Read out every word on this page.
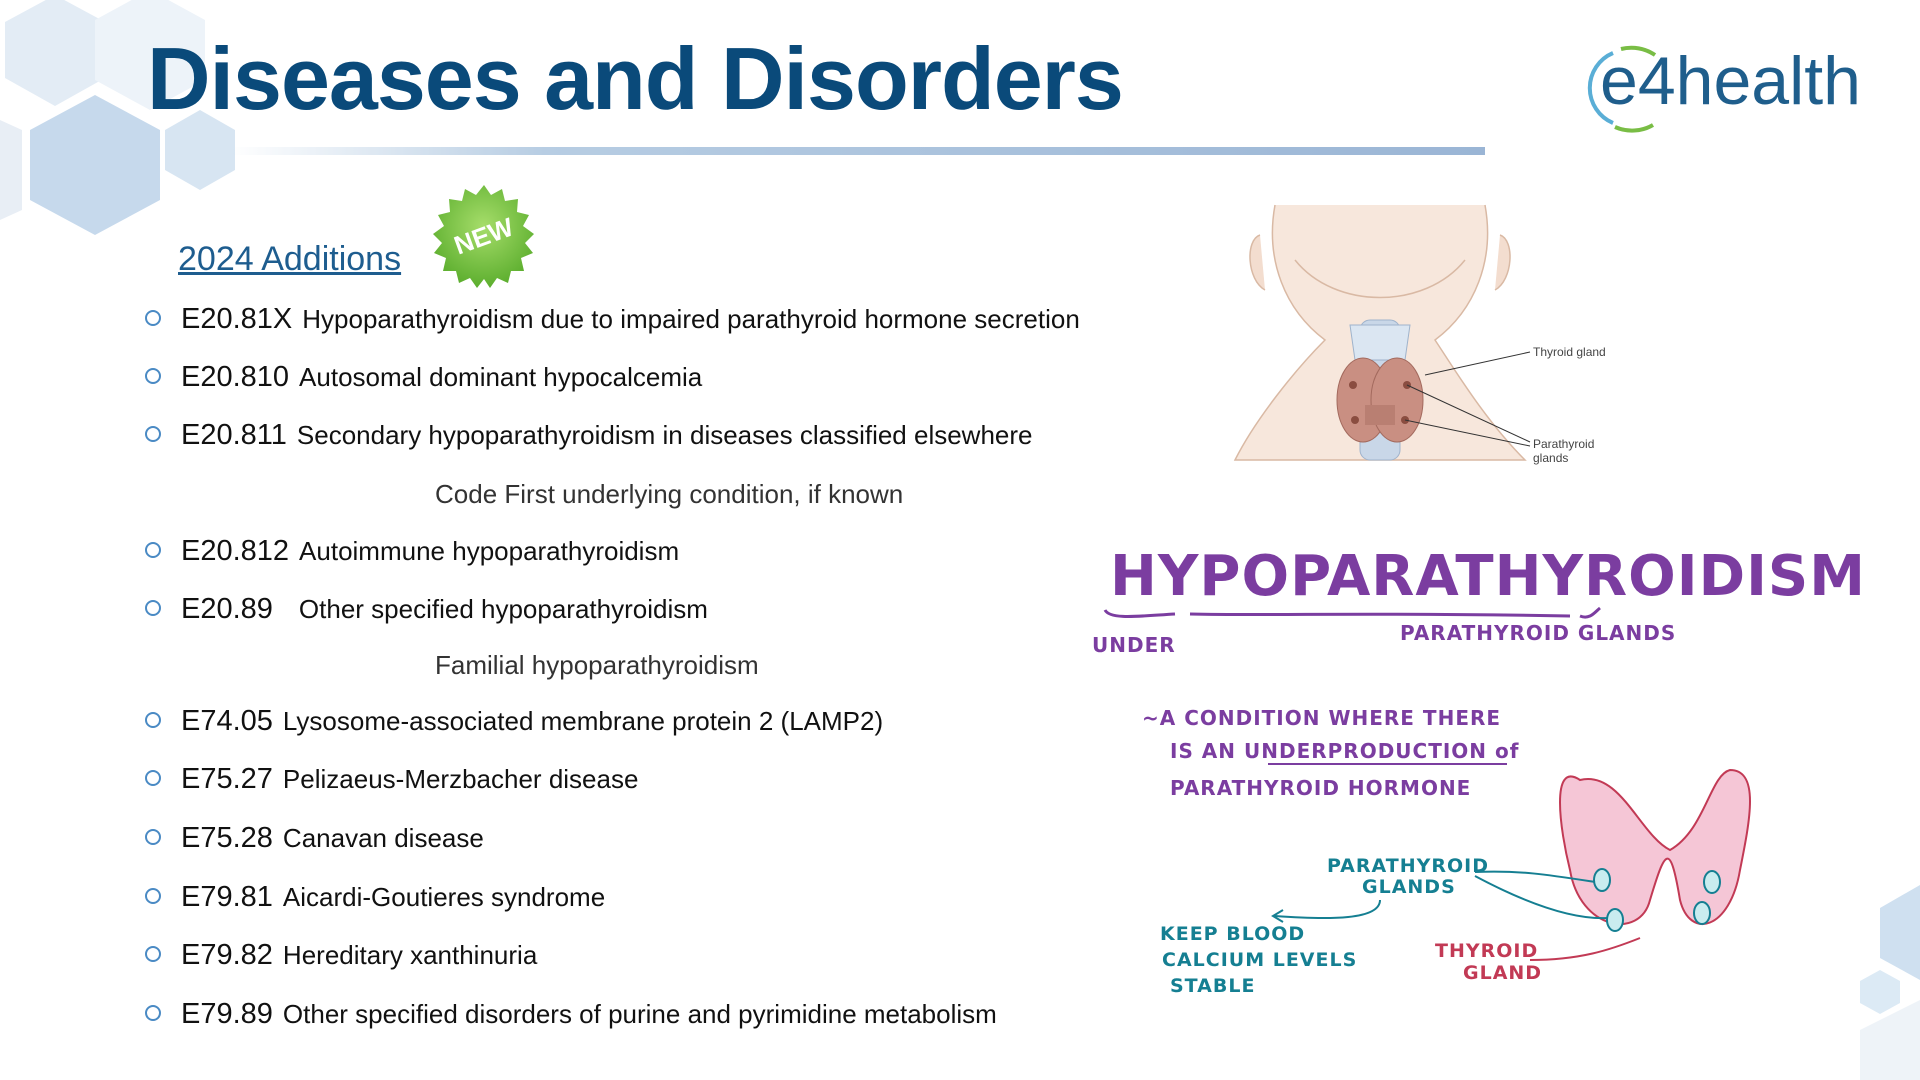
Diseases and Disorders	e4health
2024 Additions NEW
E20.81X Hypoparathyroidism due to impaired parathyroid hormone secretion
E20.810 Autosomal dominant hypocalcemia
E20.811 Secondary hypoparathyroidism in diseases classified elsewhere
E20.812 Autoimmune hypoparathyroidism
E20.89 Other specified hypoparathyroidism
E74.05 Lysosome-associated membrane protein 2 (LAMP2)
E75.27 Pelizaeus-Merzbacher disease
E75.28 Canavan disease
E79.81 Aicardi-Goutieres syndrome
E79.82 Hereditary xanthinuria
E79.89 Other specified disorders of purine and pyrimidine metabolism
Code First underlying condition, if known
Familial hypoparathyroidism
Thyroid gland
Parathyroid
glands
HYPOPARATHYROIDISM
UNDER	PARATHYROID GLANDS
~A CONDITION WHERE THERE
IS AN UNDERPRODUCTION of
PARATHYROID HORMONE
PARATHYROID
GLANDS
KEEP BLOOD
CALCIUM LEVELS
STABLE
THYROID
GLAND
